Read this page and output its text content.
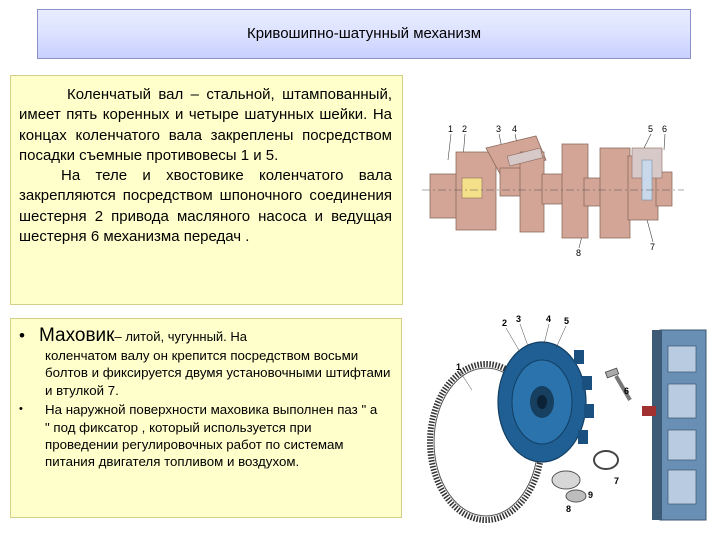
Кривошипно-шатунный механизм

Коленчатый вал – стальной, штампованный, имеет пять коренных и четыре шатунных шейки. На концах коленчатого вала закреплены посредством посадки съемные противовесы 1 и 5.

На теле и хвостовике коленчатого вала закрепляются посредством шпоночного соединения шестерня 2 привода масляного насоса и ведущая шестерня 6 механизма передач .

• Маховик – литой, чугунный. На
коленчатом валу он крепится посредством восьми болтов и фиксируется двумя установочными штифтами и втулкой 7.
•	На наружной поверхности маховика выполнен паз " а " под фиксатор , который используется при проведении регулировочных работ по системам питания двигателя топливом и воздухом.
1 2	3 4	5 6
7
8
1
2 3	4 5
6
7
8
9
